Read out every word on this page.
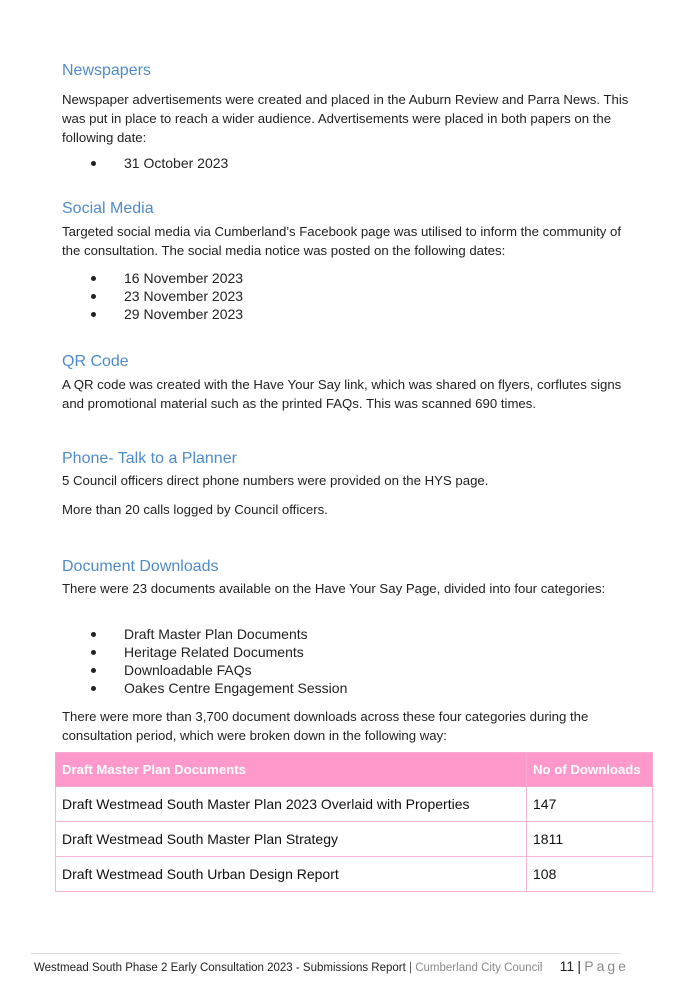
Newspapers

Newspaper advertisements were created and placed in the Auburn Review and Parra News. This was put in place to reach a wider audience. Advertisements were placed in both papers on the following date:

31 October 2023
Social Media

Targeted social media via Cumberland’s Facebook page was utilised to inform the community of the consultation. The social media notice was posted on the following dates:

16 November 2023
23 November 2023
29 November 2023
QR Code

A QR code was created with the Have Your Say link, which was shared on flyers, corflutes signs and promotional material such as the printed FAQs. This was scanned 690 times.

Phone- Talk to a Planner

5 Council officers direct phone numbers were provided on the HYS page.

More than 20 calls logged by Council officers.

Document Downloads

There were 23 documents available on the Have Your Say Page, divided into four categories:

Draft Master Plan Documents
Heritage Related Documents
Downloadable FAQs
Oakes Centre Engagement Session

There were more than 3,700 document downloads across these four categories during the consultation period, which were broken down in the following way:

Draft Master Plan Documents	No of Downloads
Draft Westmead South Master Plan 2023 Overlaid with Properties	147
Draft Westmead South Master Plan Strategy	1811
Draft Westmead South Urban Design Report	108
Westmead South Phase 2 Early Consultation 2023 - Submissions Report | Cumberland City Council 11 | Page
